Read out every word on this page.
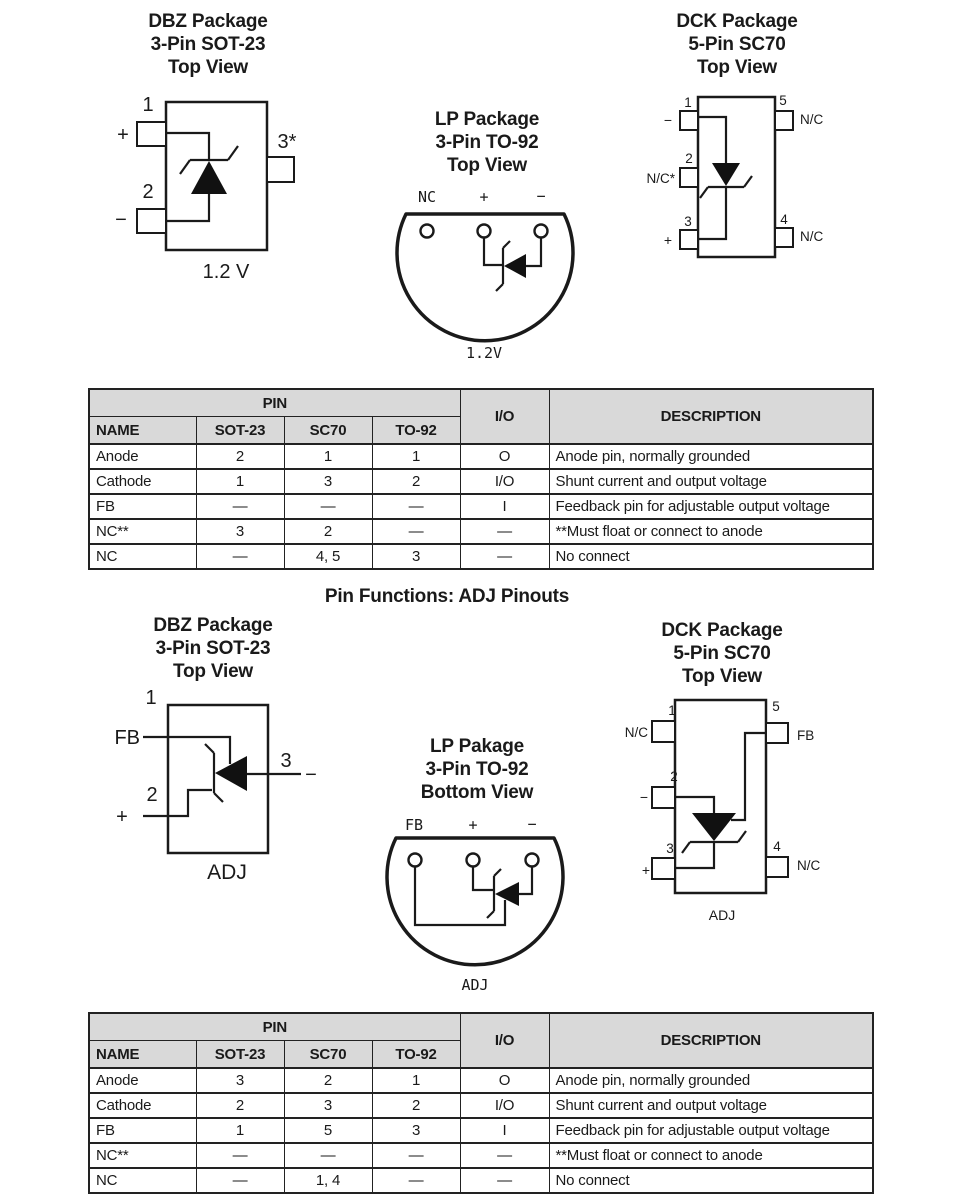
DBZ Package
3-Pin SOT-23
Top View
DCK Package
5-Pin SC70
Top View
LP Package
3-Pin TO-92
Top View
Pin Functions: ADJ Pinouts
DBZ Package
3-Pin SOT-23
Top View
DCK Package
5-Pin SC70
Top View
LP Pakage
3-Pin TO-92
Bottom View
1
+
2
−
3*
1.2 V
NC	+	−
1.2V
1	5
2
3	4
−
N/C*
+
N/C
N/C
1
FB
2
+
3
−
ADJ
FB	+	−
ADJ
1	5
2
3	4
N/C
−
+
FB
N/C
ADJ
PIN				I/O	DESCRIPTION
NAME	SOT-23	SC70	TO-92		
Anode	2	1	1	O	Anode pin, normally grounded
Cathode	1	3	2	I/O	Shunt current and output voltage
FB	—	—	—	I	Feedback pin for adjustable output voltage
NC**	3	2	—	—	**Must float or connect to anode
NC	—	4, 5	3	—	No connect
PIN				I/O	DESCRIPTION
NAME	SOT-23	SC70	TO-92		
Anode	3	2	1	O	Anode pin, normally grounded
Cathode	2	3	2	I/O	Shunt current and output voltage
FB	1	5	3	I	Feedback pin for adjustable output voltage
NC**	—	—	—	—	**Must float or connect to anode
NC	—	1, 4	—	—	No connect
